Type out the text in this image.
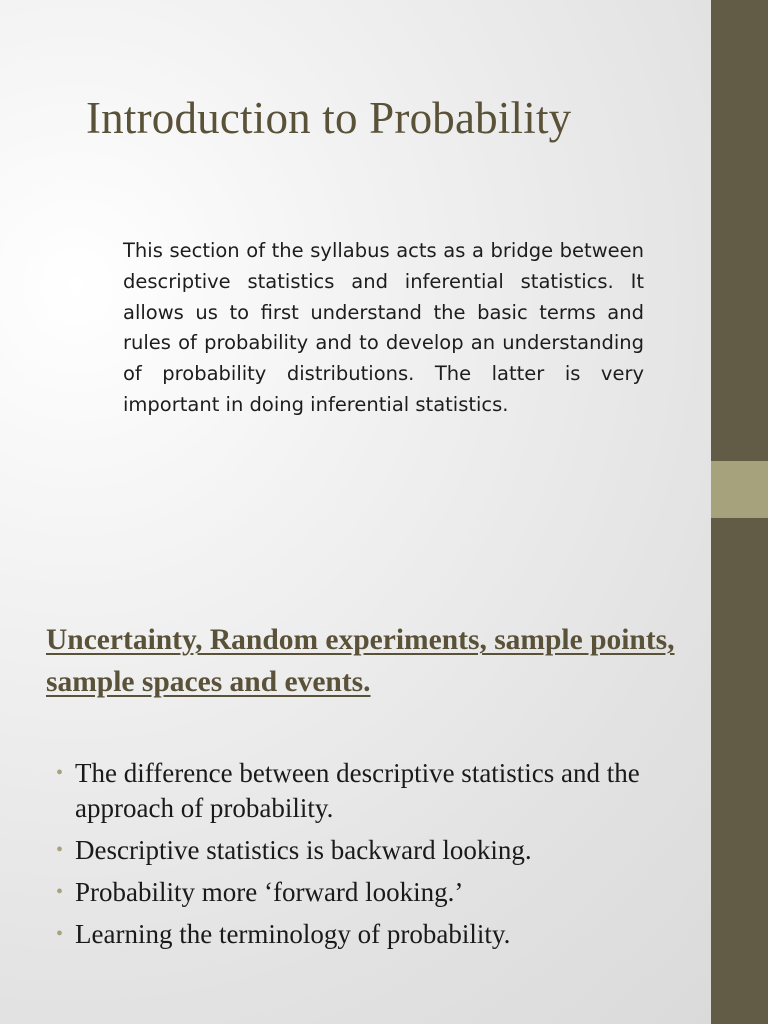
Introduction to Probability

This section of the syllabus acts as a bridge between descriptive statistics and inferential statistics. It allows us to first understand the basic terms and rules of probability and to develop an understanding of probability distributions. The latter is very important in doing inferential statistics.

Uncertainty, Random experiments, sample points, sample spaces and events.
• The difference between descriptive statistics and the approach of probability.
• Descriptive statistics is backward looking.
• Probability more ‘forward looking.’
• Learning the terminology of probability.
